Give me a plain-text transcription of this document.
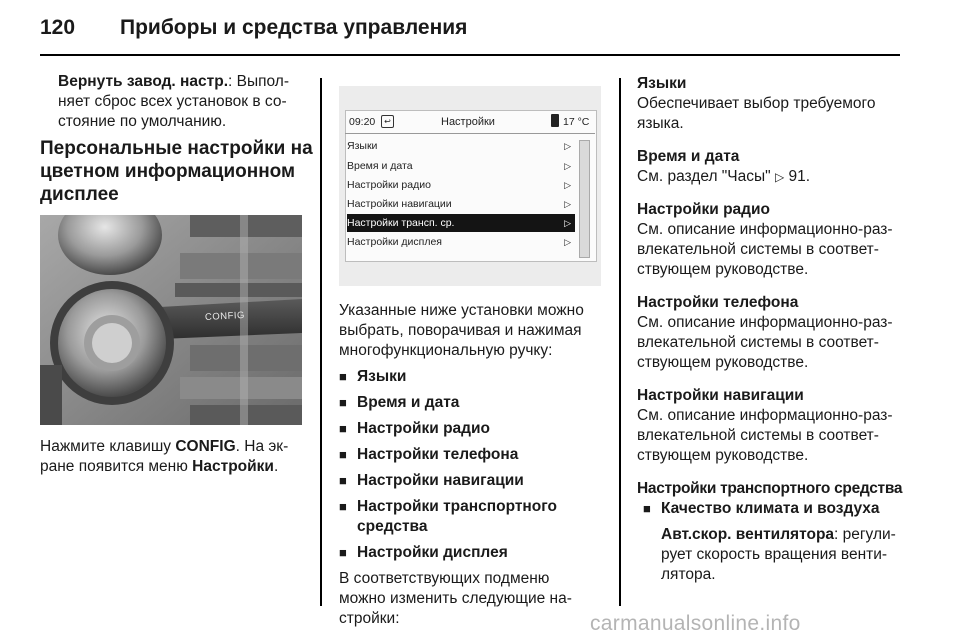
120 Приборы и средства управления

Вернуть завод. настр.: Выпол-

няет сброс всех установок в со-

стояние по умолчанию.

Персональные настройки на

цветном информационном

дисплее

CONFIG

Нажмите клавишу CONFIG. На эк-

ране появится меню Настройки.

09:20	↩	Настройки	17 °C
Языки	▷
Время и дата	▷
Настройки радио	▷
Настройки навигации	▷
Настройки трансп. ср.	▷
Настройки дисплея	▷

Указанные ниже установки можно

выбрать, поворачивая и нажимая

многофункциональную ручку:

■ Языки

■ Время и дата

■ Настройки радио

■ Настройки телефона

■ Настройки навигации

■ Настройки транспортного

средства

■ Настройки дисплея

В соответствующих подменю

можно изменить следующие на-

стройки:

Языки

Обеспечивает выбор требуемого

языка.

Время и дата

См. раздел "Часы" ▷ 91.

Настройки радио

См. описание информационно-раз-

влекательной системы в соответ-

ствующем руководстве.

Настройки телефона

См. описание информационно-раз-

влекательной системы в соответ-

ствующем руководстве.

Настройки навигации

См. описание информационно-раз-

влекательной системы в соответ-

ствующем руководстве.

Настройки транспортного средства

■ Качество климата и воздуха

Авт.скор. вентилятора: регули-

рует скорость вращения венти-

лятора.

carmanualsonline.info
